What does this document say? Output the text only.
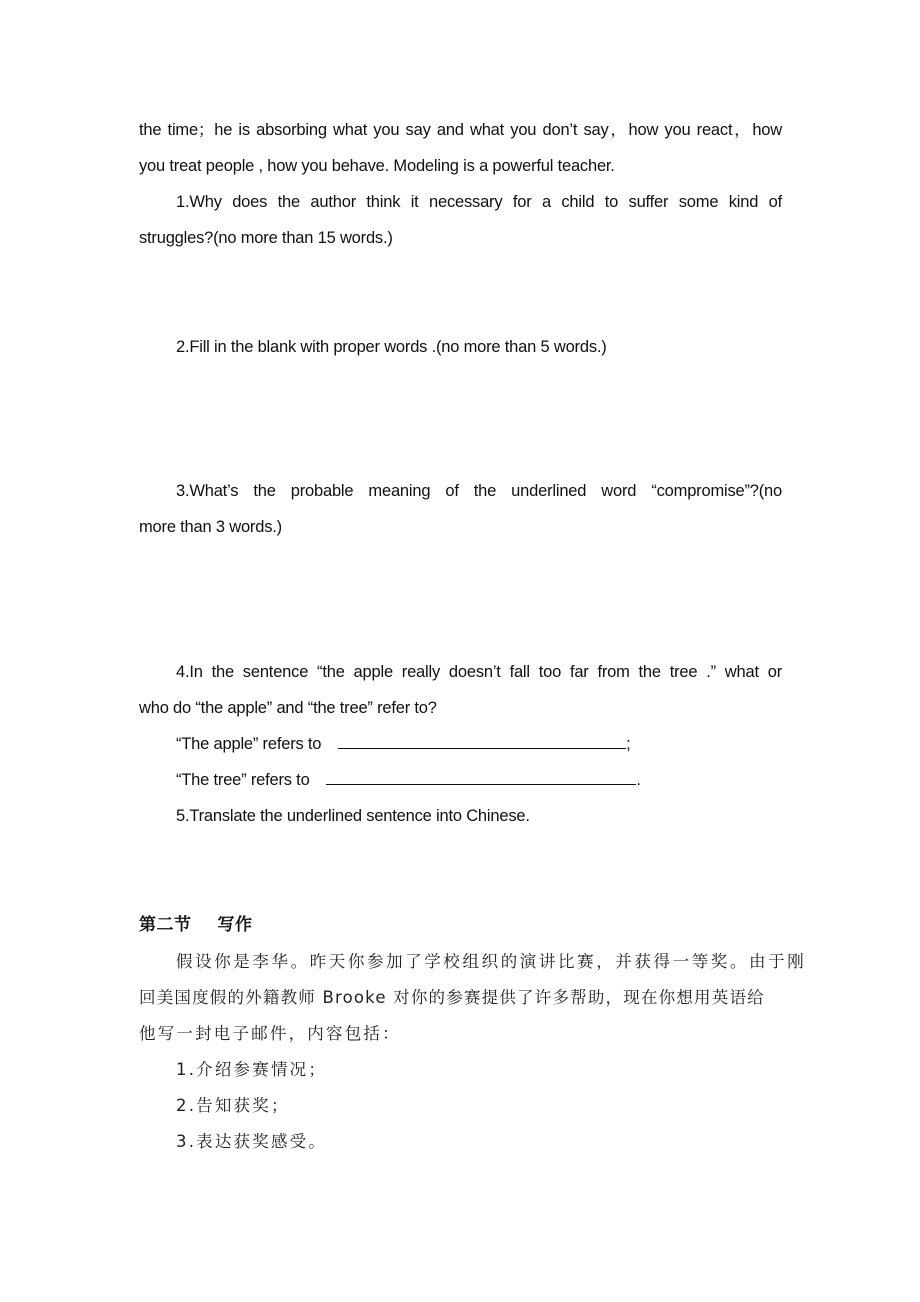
the time；he is absorbing what you say and what you don’t say，how you react，how
you treat people , how you behave. Modeling is a powerful teacher.
1.Why does the author think it necessary for a child to suffer some kind of
struggles?(no more than 15 words.)
2.Fill in the blank with proper words .(no more than 5 words.)
3.What’s the probable meaning of the underlined word “compromise”?(no
more than 3 words.)
4.In the sentence “the apple really doesn’t fall too far from the tree .” what or
who do “the apple” and “the tree” refer to?
“The apple” refers to	;
“The tree” refers to	.
5.Translate the underlined sentence into Chinese.
第二节 写作
假设你是李华。昨天你参加了学校组织的演讲比赛，并获得一等奖。由于刚
回美国度假的外籍教师 Brooke 对你的参赛提供了许多帮助，现在你想用英语给
他写一封电子邮件，内容包括：
1.介绍参赛情况；
2.告知获奖；
3.表达获奖感受。
